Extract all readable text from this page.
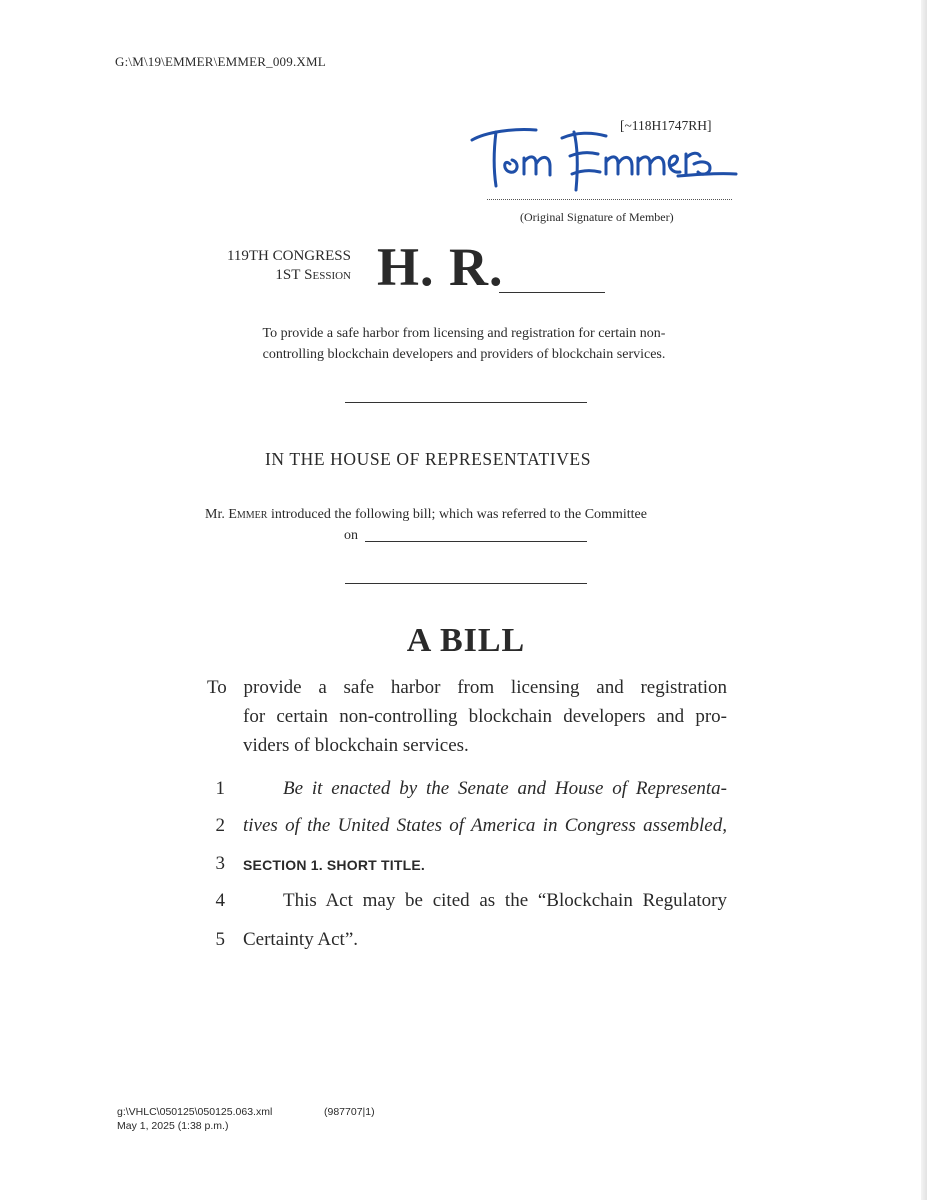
G:\M\19\EMMER\EMMER_009.XML
[~118H1747RH]
(Original Signature of Member)
119TH CONGRESS
1ST Session H. R.
To provide a safe harbor from licensing and registration for certain non-
controlling blockchain developers and providers of blockchain services.
IN THE HOUSE OF REPRESENTATIVES
Mr. Emmer introduced the following bill; which was referred to the Committee
on
A BILL
To provide a safe harbor from licensing and registration
for certain non-controlling blockchain developers and pro-
viders of blockchain services.
1	Be it enacted by the Senate and House of Representa-
2 tives of the United States of America in Congress assembled,
3 SECTION 1. SHORT TITLE.
4	This Act may be cited as the “Blockchain Regulatory
5 Certainty Act”.
g:\VHLC\050125\050125.063.xml	(987707|1)
May 1, 2025 (1:38 p.m.)
